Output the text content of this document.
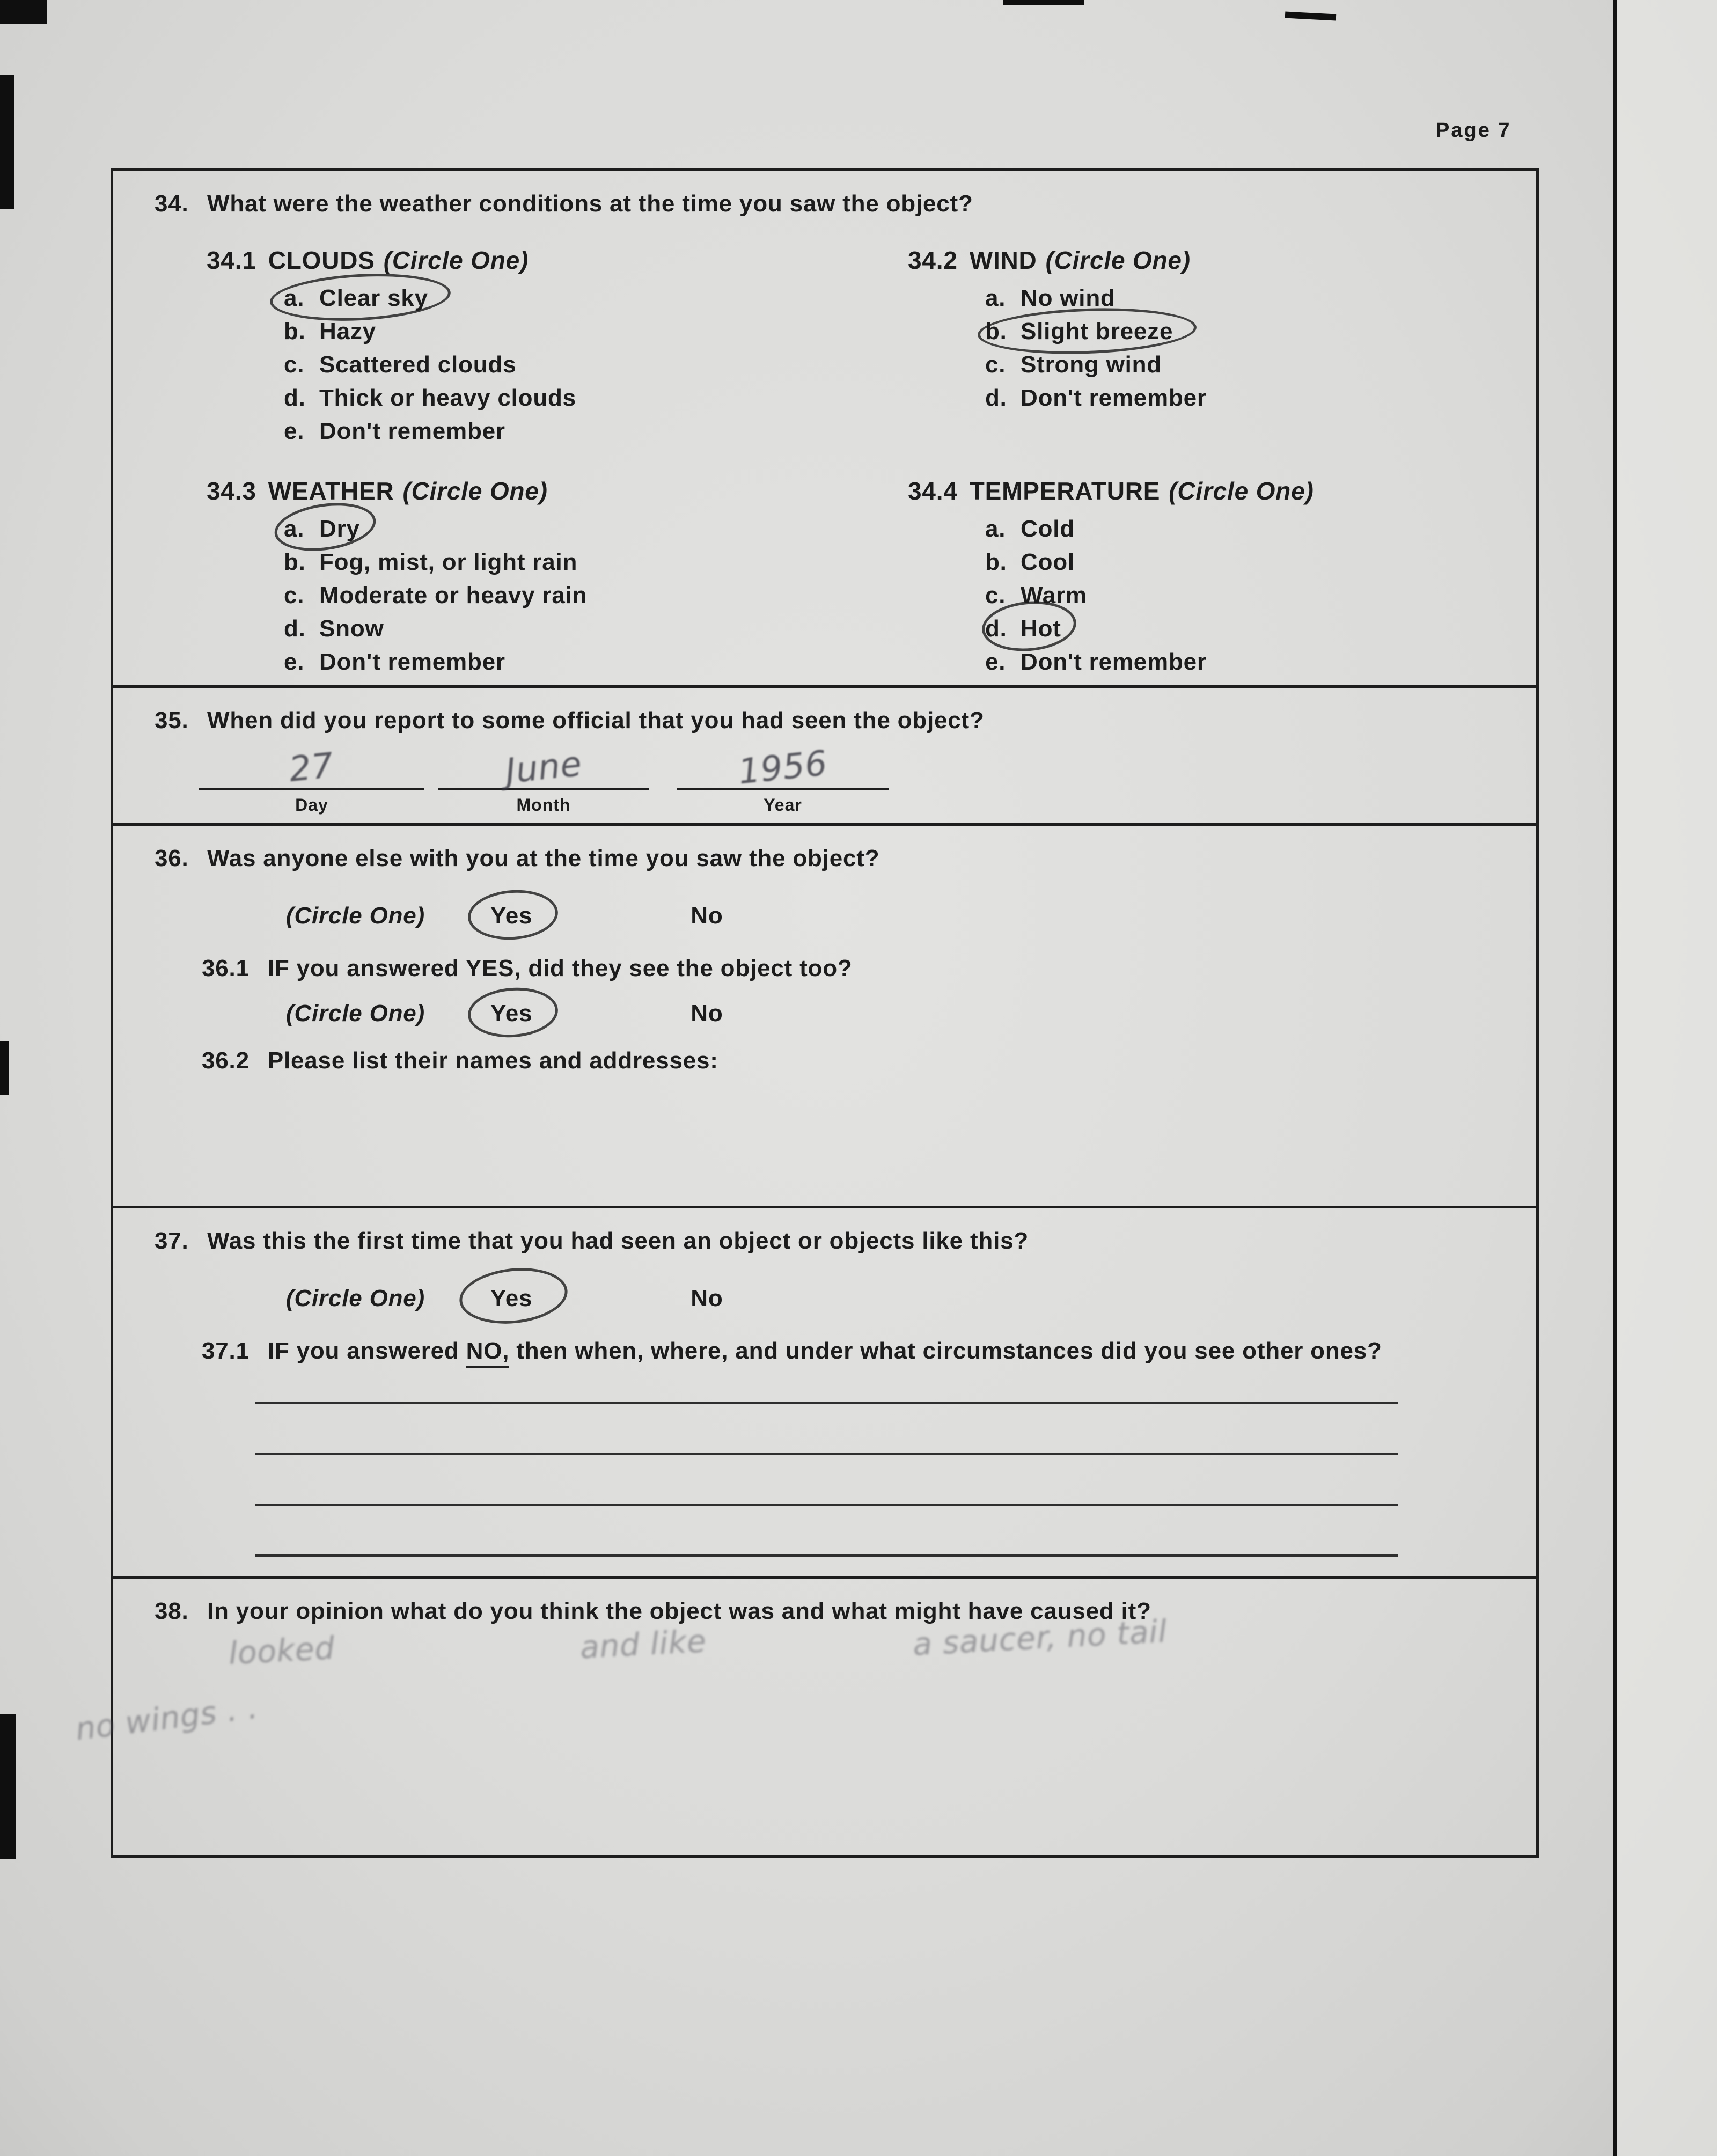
Page 7
34. What were the weather conditions at the time you saw the object?
34.1 CLOUDS (Circle One)
a. Clear sky
b. Hazy
c. Scattered clouds
d. Thick or heavy clouds
e. Don't remember
34.2 WIND (Circle One)
a. No wind
b. Slight breeze
c. Strong wind
d. Don't remember
34.3 WEATHER (Circle One)
a. Dry
b. Fog, mist, or light rain
c. Moderate or heavy rain
d. Snow
e. Don't remember
34.4 TEMPERATURE (Circle One)
a. Cold
b. Cool
c. Warm
d. Hot
e. Don't remember
35. When did you report to some official that you had seen the object?
27
Day
June
Month
1956
Year
36. Was anyone else with you at the time you saw the object?
(Circle One)	Yes	No
36.1 IF you answered YES, did they see the object too?
(Circle One)	Yes	No
36.2 Please list their names and addresses:
37. Was this the first time that you had seen an object or objects like this?
(Circle One)	Yes	No
37.1 IF you answered NO, then when, where, and under what circumstances did you see other ones?
38. In your opinion what do you think the object was and what might have caused it?
looked	and like	a saucer, no tail
no wings . .
